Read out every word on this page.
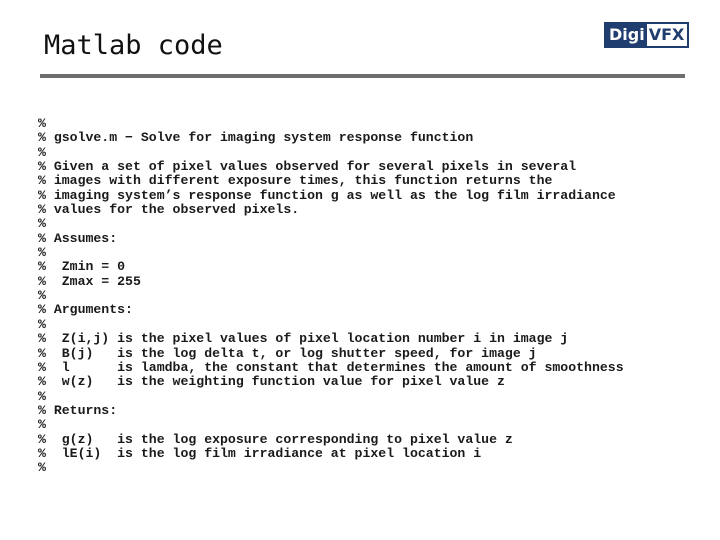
Matlab code	Digi VFX
%
% gsolve.m − Solve for imaging system response function
%
% Given a set of pixel values observed for several pixels in several
% images with different exposure times, this function returns the
% imaging system’s response function g as well as the log film irradiance
% values for the observed pixels.
%
% Assumes:
%
%  Zmin = 0
%  Zmax = 255
%
% Arguments:
%
%  Z(i,j) is the pixel values of pixel location number i in image j
%  B(j)   is the log delta t, or log shutter speed, for image j
%  l      is lamdba, the constant that determines the amount of smoothness
%  w(z)   is the weighting function value for pixel value z
%
% Returns:
%
%  g(z)   is the log exposure corresponding to pixel value z
%  lE(i)  is the log film irradiance at pixel location i
%
